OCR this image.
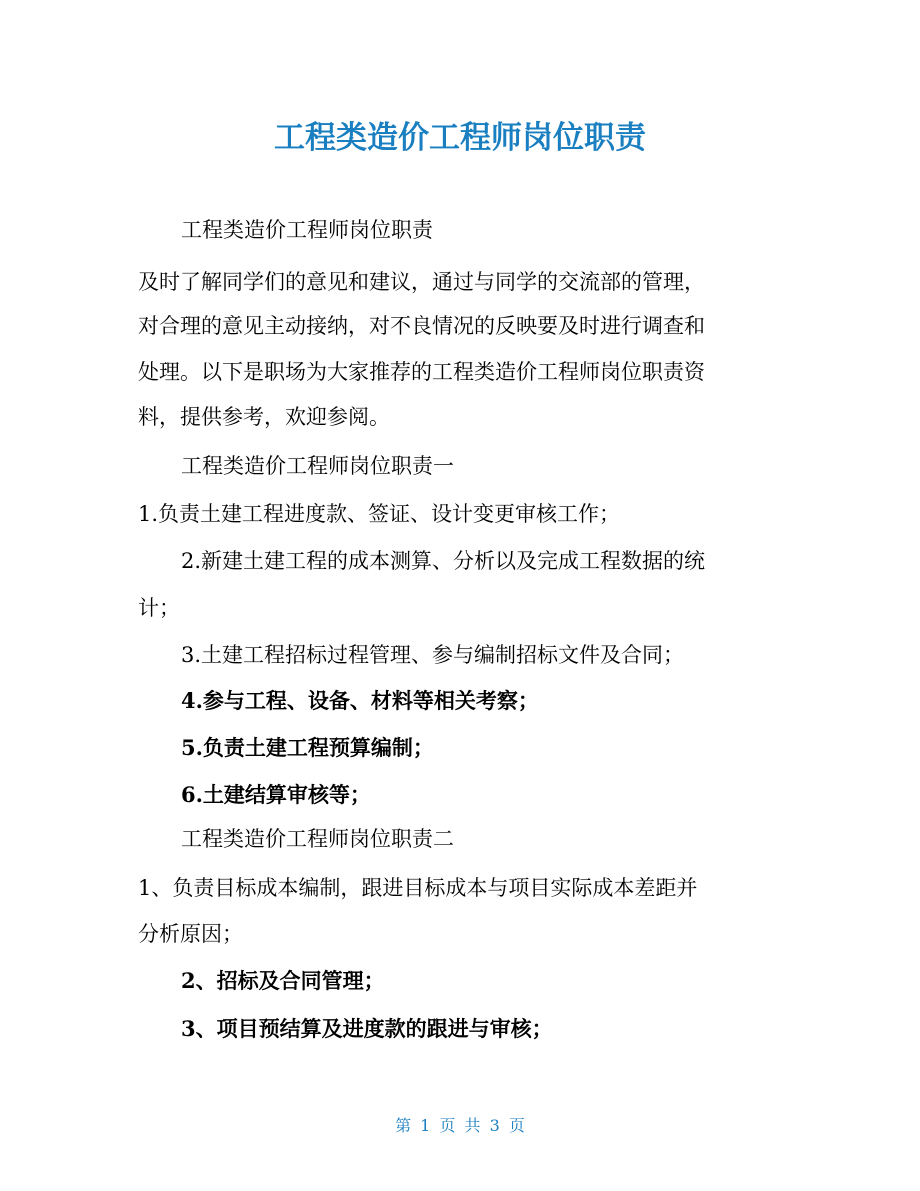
工程类造价工程师岗位职责

工程类造价工程师岗位职责

及时了解同学们的意见和建议，通过与同学的交流部的管理，

对合理的意见主动接纳，对不良情况的反映要及时进行调查和

处理。以下是职场为大家推荐的工程类造价工程师岗位职责资

料，提供参考，欢迎参阅。

工程类造价工程师岗位职责一

1.负责土建工程进度款、签证、设计变更审核工作；

2.新建土建工程的成本测算、分析以及完成工程数据的统

计；

3.土建工程招标过程管理、参与编制招标文件及合同；

4.参与工程、设备、材料等相关考察；

5.负责土建工程预算编制；

6.土建结算审核等；

工程类造价工程师岗位职责二

1、负责目标成本编制，跟进目标成本与项目实际成本差距并

分析原因；

2、招标及合同管理；

3、项目预结算及进度款的跟进与审核；

第 1 页 共 3 页
